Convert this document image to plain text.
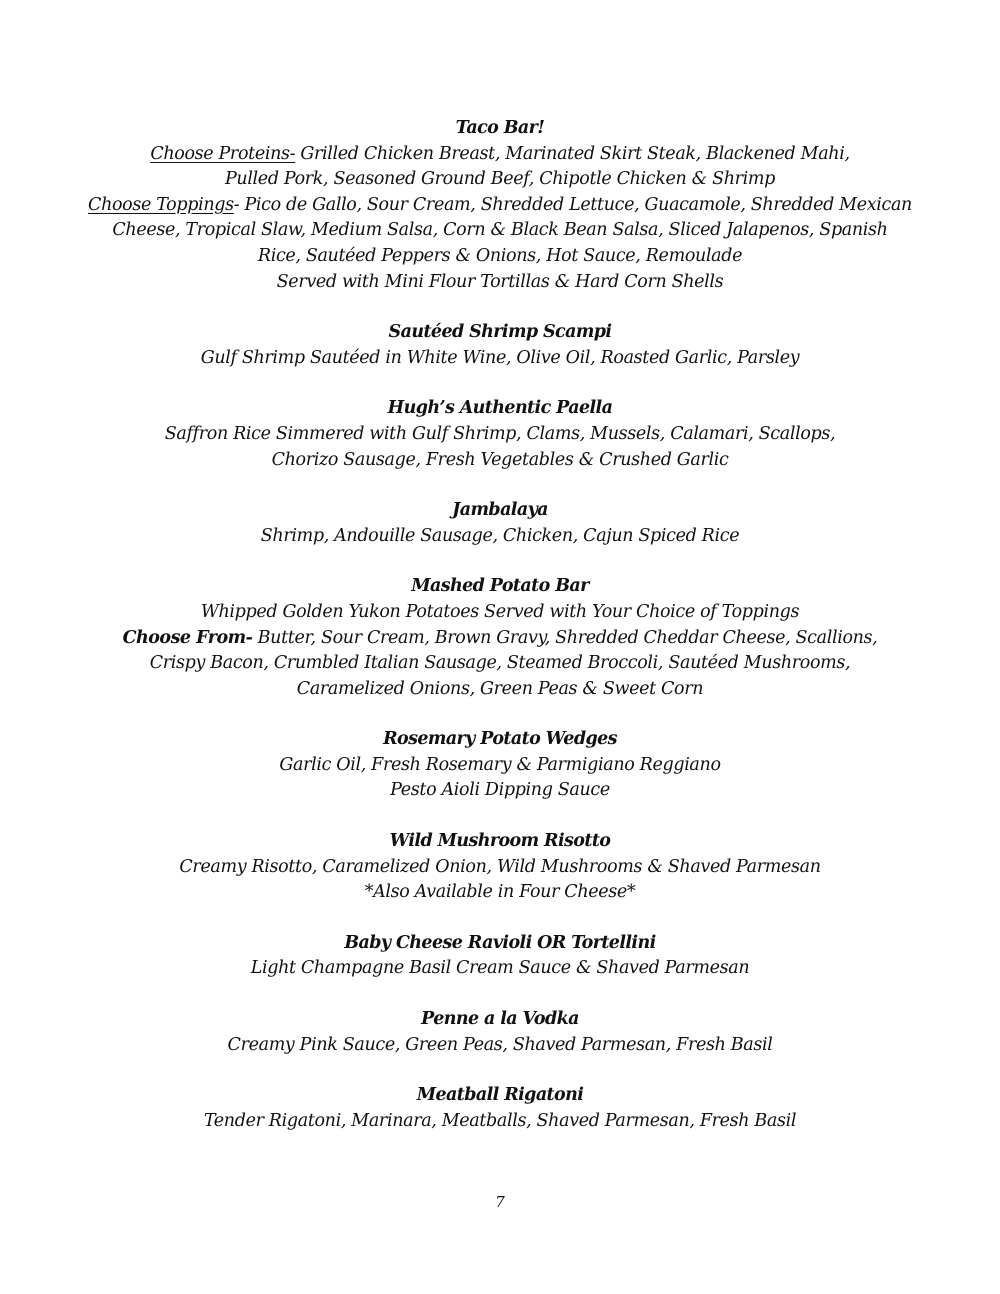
Taco Bar!
Choose Proteins- Grilled Chicken Breast, Marinated Skirt Steak, Blackened Mahi,
Pulled Pork, Seasoned Ground Beef, Chipotle Chicken & Shrimp
Choose Toppings- Pico de Gallo, Sour Cream, Shredded Lettuce, Guacamole, Shredded Mexican
Cheese, Tropical Slaw, Medium Salsa, Corn & Black Bean Salsa, Sliced Jalapenos, Spanish
Rice, Sautéed Peppers & Onions, Hot Sauce, Remoulade
Served with Mini Flour Tortillas & Hard Corn Shells
Sautéed Shrimp Scampi
Gulf Shrimp Sautéed in White Wine, Olive Oil, Roasted Garlic, Parsley
Hugh’s Authentic Paella
Saffron Rice Simmered with Gulf Shrimp, Clams, Mussels, Calamari, Scallops,
Chorizo Sausage, Fresh Vegetables & Crushed Garlic
Jambalaya
Shrimp, Andouille Sausage, Chicken, Cajun Spiced Rice
Mashed Potato Bar
Whipped Golden Yukon Potatoes Served with Your Choice of Toppings
Choose From- Butter, Sour Cream, Brown Gravy, Shredded Cheddar Cheese, Scallions,
Crispy Bacon, Crumbled Italian Sausage, Steamed Broccoli, Sautéed Mushrooms,
Caramelized Onions, Green Peas & Sweet Corn
Rosemary Potato Wedges
Garlic Oil, Fresh Rosemary & Parmigiano Reggiano
Pesto Aioli Dipping Sauce
Wild Mushroom Risotto
Creamy Risotto, Caramelized Onion, Wild Mushrooms & Shaved Parmesan
*Also Available in Four Cheese*
Baby Cheese Ravioli OR Tortellini
Light Champagne Basil Cream Sauce & Shaved Parmesan
Penne a la Vodka
Creamy Pink Sauce, Green Peas, Shaved Parmesan, Fresh Basil
Meatball Rigatoni
Tender Rigatoni, Marinara, Meatballs, Shaved Parmesan, Fresh Basil
7
